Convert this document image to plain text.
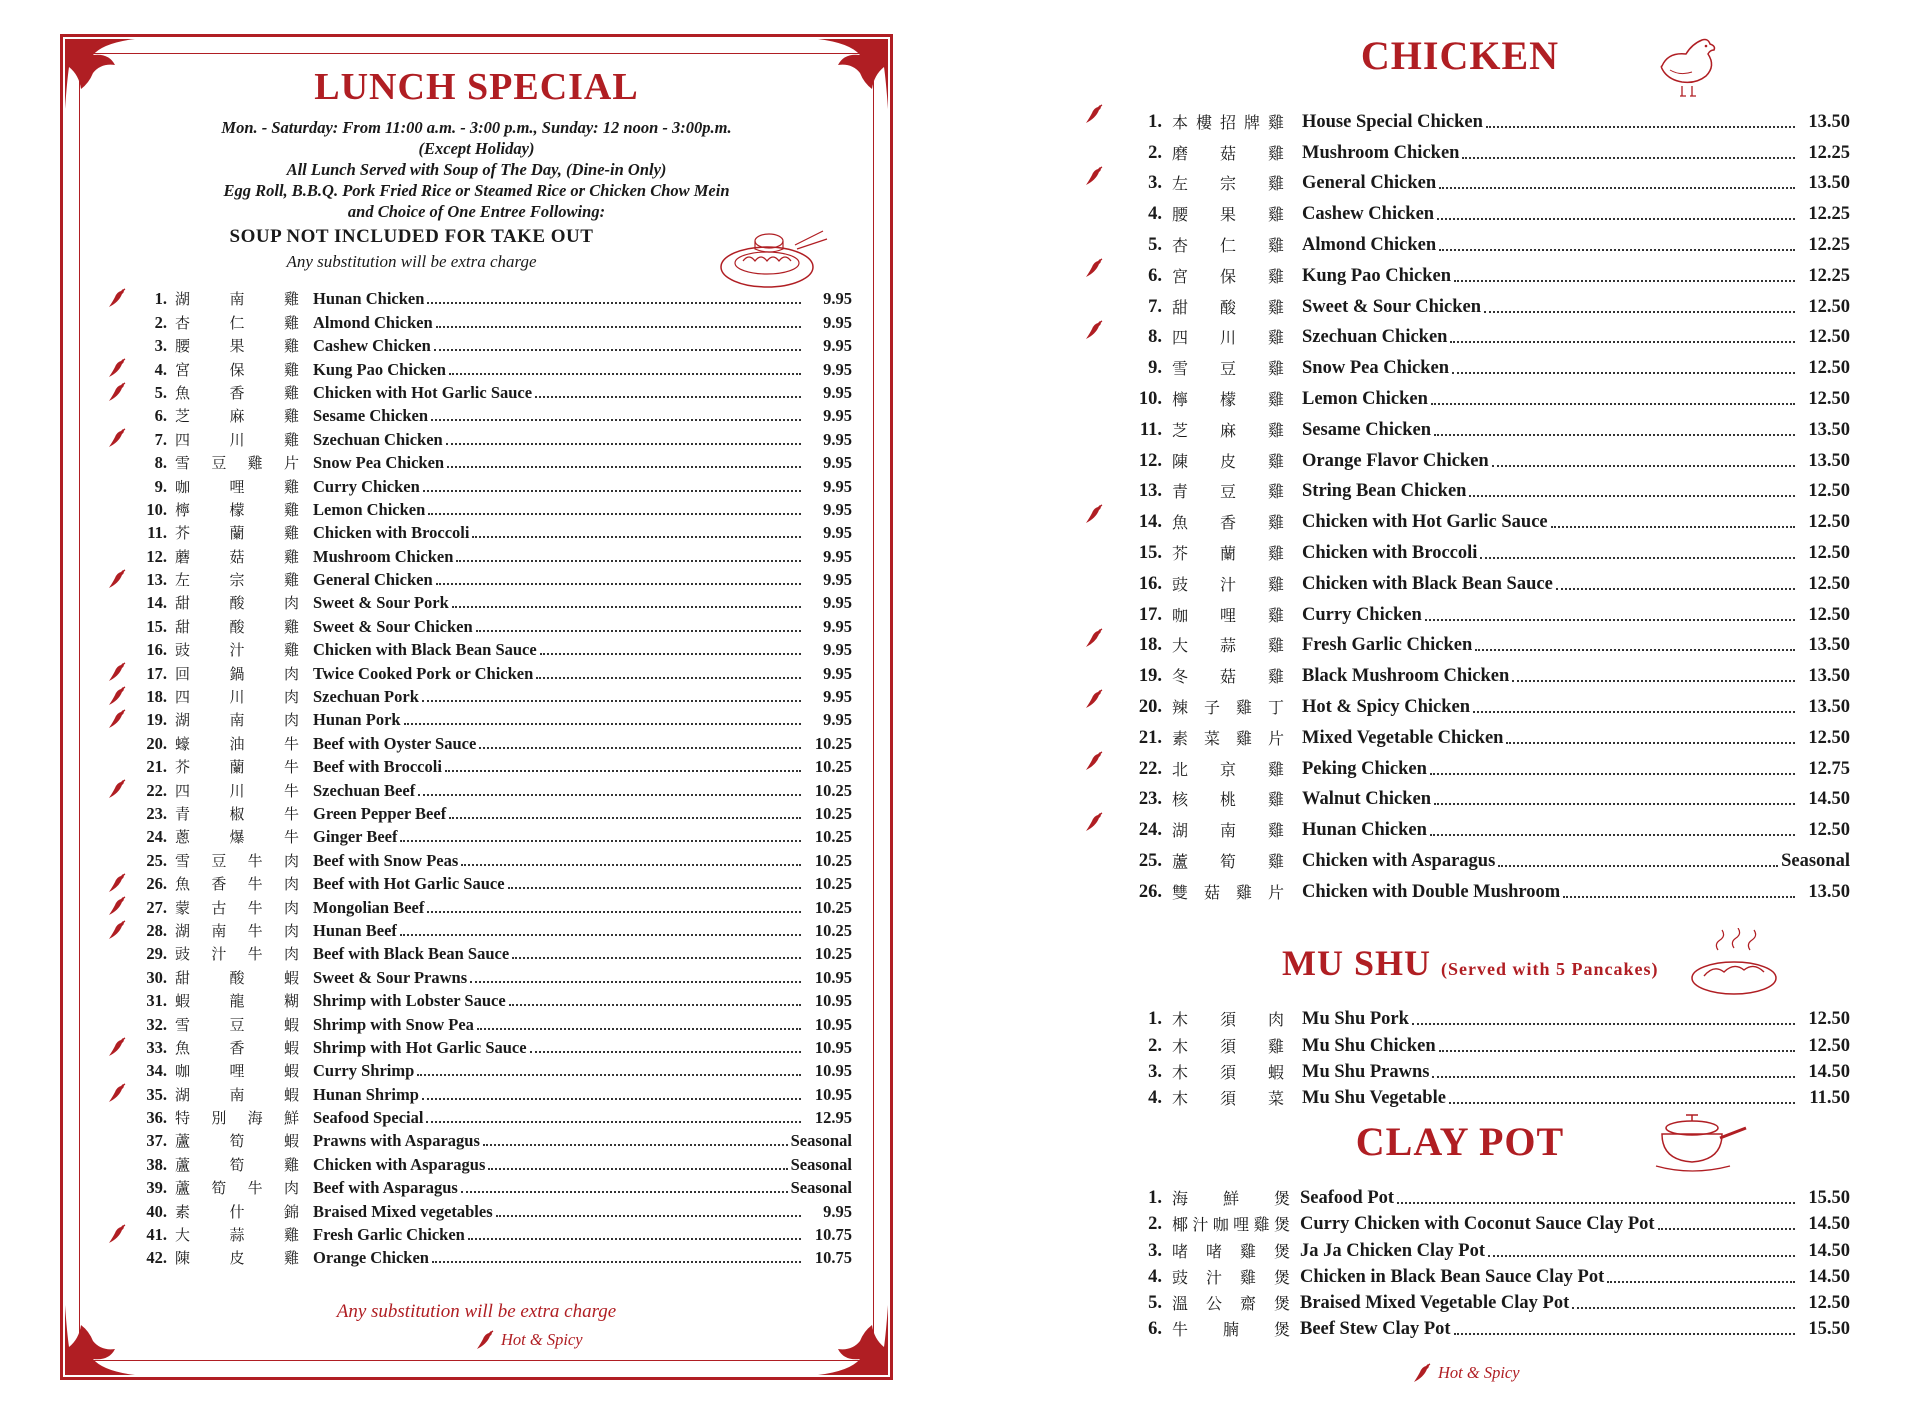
LUNCH SPECIAL
Mon. - Saturday: From 11:00 a.m. - 3:00 p.m., Sunday: 12 noon - 3:00p.m.
(Except Holiday)
All Lunch Served with Soup of The Day, (Dine-in Only)
Egg Roll, B.B.Q. Pork Fried Rice or Steamed Rice or Chicken Chow Mein
and Choice of One Entree Following:
SOUP NOT INCLUDED FOR TAKE OUT
Any substitution will be extra charge
1. 湖	南	雞 Hunan Chicken	9.95
2. 杏	仁	雞 Almond Chicken	9.95
3. 腰	果	雞 Cashew Chicken	9.95
4. 宮	保	雞 Kung Pao Chicken	9.95
5. 魚	香	雞 Chicken with Hot Garlic Sauce	9.95
6. 芝	麻	雞 Sesame Chicken	9.95
7. 四	川	雞 Szechuan Chicken	9.95
8. 雪 豆 雞 片 Snow Pea Chicken	9.95
9. 咖	哩	雞 Curry Chicken	9.95
10. 檸	檬	雞 Lemon Chicken	9.95
11. 芥	蘭	雞 Chicken with Broccoli	9.95
12. 蘑	菇	雞 Mushroom Chicken	9.95
13. 左	宗	雞 General Chicken	9.95
14. 甜	酸	肉 Sweet & Sour Pork	9.95
15. 甜	酸	雞 Sweet & Sour Chicken	9.95
16. 豉	汁	雞 Chicken with Black Bean Sauce	9.95
17. 回	鍋	肉 Twice Cooked Pork or Chicken	9.95
18. 四	川	肉 Szechuan Pork	9.95
19. 湖	南	肉 Hunan Pork	9.95
20. 蠔	油	牛 Beef with Oyster Sauce	10.25
21. 芥	蘭	牛 Beef with Broccoli	10.25
22. 四	川	牛 Szechuan Beef	10.25
23. 青	椒	牛 Green Pepper Beef	10.25
24. 蔥	爆	牛 Ginger Beef	10.25
25. 雪 豆 牛 肉 Beef with Snow Peas	10.25
26. 魚 香 牛 肉 Beef with Hot Garlic Sauce	10.25
27. 蒙 古 牛 肉 Mongolian Beef	10.25
28. 湖 南 牛 肉 Hunan Beef	10.25
29. 豉 汁 牛 肉 Beef with Black Bean Sauce	10.25
30. 甜	酸	蝦 Sweet & Sour Prawns	10.95
31. 蝦	龍	糊 Shrimp with Lobster Sauce	10.95
32. 雪	豆	蝦 Shrimp with Snow Pea	10.95
33. 魚	香	蝦 Shrimp with Hot Garlic Sauce	10.95
34. 咖	哩	蝦 Curry Shrimp	10.95
35. 湖	南	蝦 Hunan Shrimp	10.95
36. 特 別 海 鮮 Seafood Special	12.95
37. 蘆	筍	蝦 Prawns with Asparagus	Seasonal
38. 蘆	筍	雞 Chicken with Asparagus	Seasonal
39. 蘆 筍 牛 肉 Beef with Asparagus	Seasonal
40. 素	什	錦 Braised Mixed vegetables	9.95
41. 大	蒜	雞 Fresh Garlic Chicken	10.75
42. 陳	皮	雞 Orange Chicken	10.75
Any substitution will be extra charge
Hot & Spicy
CHICKEN
1. 本 樓 招 牌 雞 House Special Chicken	13.50
2. 磨 菇 雞 Mushroom Chicken	12.25
3. 左 宗 雞 General Chicken	13.50
4. 腰 果 雞 Cashew Chicken	12.25
5. 杏 仁 雞 Almond Chicken	12.25
6. 宮 保 雞 Kung Pao Chicken	12.25
7. 甜 酸 雞 Sweet & Sour Chicken	12.50
8. 四 川 雞 Szechuan Chicken	12.50
9. 雪 豆 雞 Snow Pea Chicken	12.50
10. 檸 檬 雞 Lemon Chicken	12.50
11. 芝 麻 雞 Sesame Chicken	13.50
12. 陳 皮 雞 Orange Flavor Chicken	13.50
13. 青 豆 雞 String Bean Chicken	12.50
14. 魚 香 雞 Chicken with Hot Garlic Sauce	12.50
15. 芥 蘭 雞 Chicken with Broccoli	12.50
16. 豉 汁 雞 Chicken with Black Bean Sauce	12.50
17. 咖 哩 雞 Curry Chicken	12.50
18. 大 蒜 雞 Fresh Garlic Chicken	13.50
19. 冬 菇 雞 Black Mushroom Chicken	13.50
20. 辣 子 雞 丁 Hot & Spicy Chicken	13.50
21. 素 菜 雞 片 Mixed Vegetable Chicken	12.50
22. 北 京 雞 Peking Chicken	12.75
23. 核 桃 雞 Walnut Chicken	14.50
24. 湖 南 雞 Hunan Chicken	12.50
25. 蘆 筍 雞 Chicken with Asparagus	Seasonal
26. 雙 菇 雞 片 Chicken with Double Mushroom	13.50
MU SHU (Served with 5 Pancakes)
1. 木 須 肉 Mu Shu Pork	12.50
2. 木 須 雞 Mu Shu Chicken	12.50
3. 木 須 蝦 Mu Shu Prawns	14.50
4. 木 須 菜 Mu Shu Vegetable	11.50
CLAY POT
1. 海 鮮 煲 Seafood Pot	15.50
2. 椰 汁 咖 哩 雞 煲 Curry Chicken with Coconut Sauce Clay Pot	14.50
3. 啫 啫 雞 煲 Ja Ja Chicken Clay Pot	14.50
4. 豉 汁 雞 煲 Chicken in Black Bean Sauce Clay Pot	14.50
5. 溫 公 齋 煲 Braised Mixed Vegetable Clay Pot	12.50
6. 牛 腩 煲 Beef Stew Clay Pot	15.50
Hot & Spicy
